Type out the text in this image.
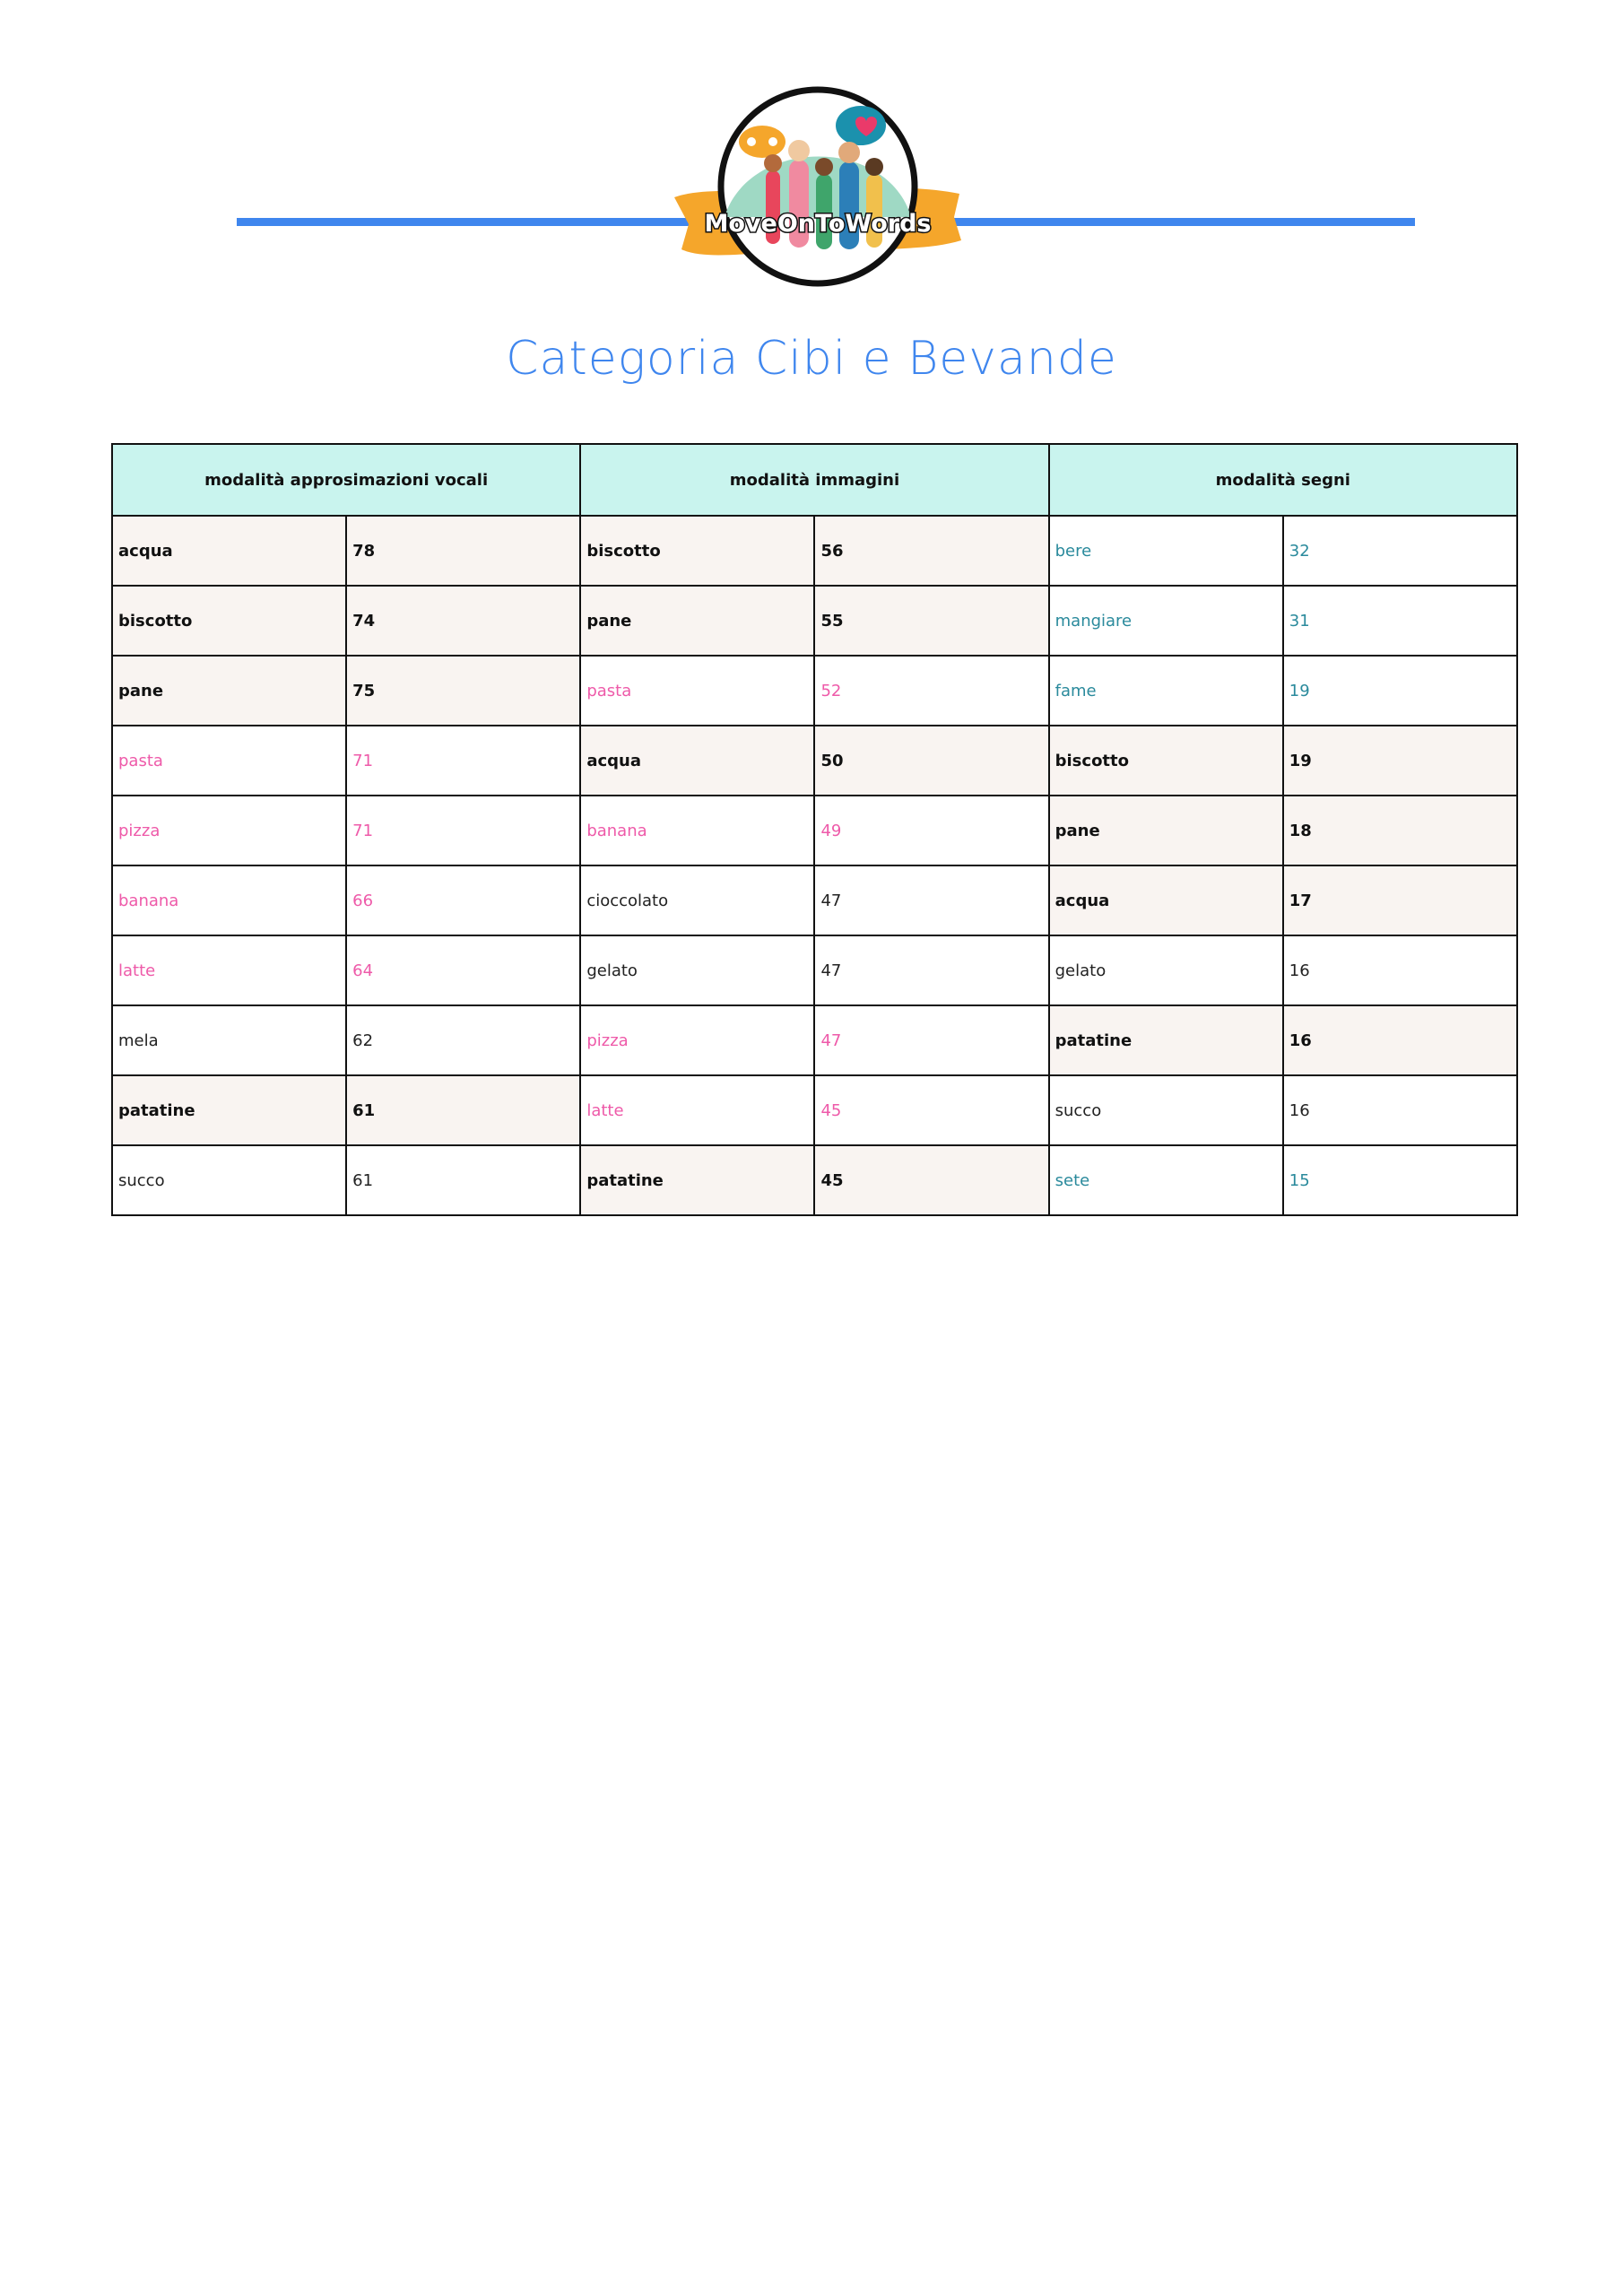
MoveOnToWords
Categoria Cibi e Bevande
modalità approsimazioni vocali		modalità immagini		modalità segni	
acqua	78	biscotto	56	bere	32
biscotto	74	pane	55	mangiare	31
pane	75	pasta	52	fame	19
pasta	71	acqua	50	biscotto	19
pizza	71	banana	49	pane	18
banana	66	cioccolato	47	acqua	17
latte	64	gelato	47	gelato	16
mela	62	pizza	47	patatine	16
patatine	61	latte	45	succo	16
succo	61	patatine	45	sete	15
